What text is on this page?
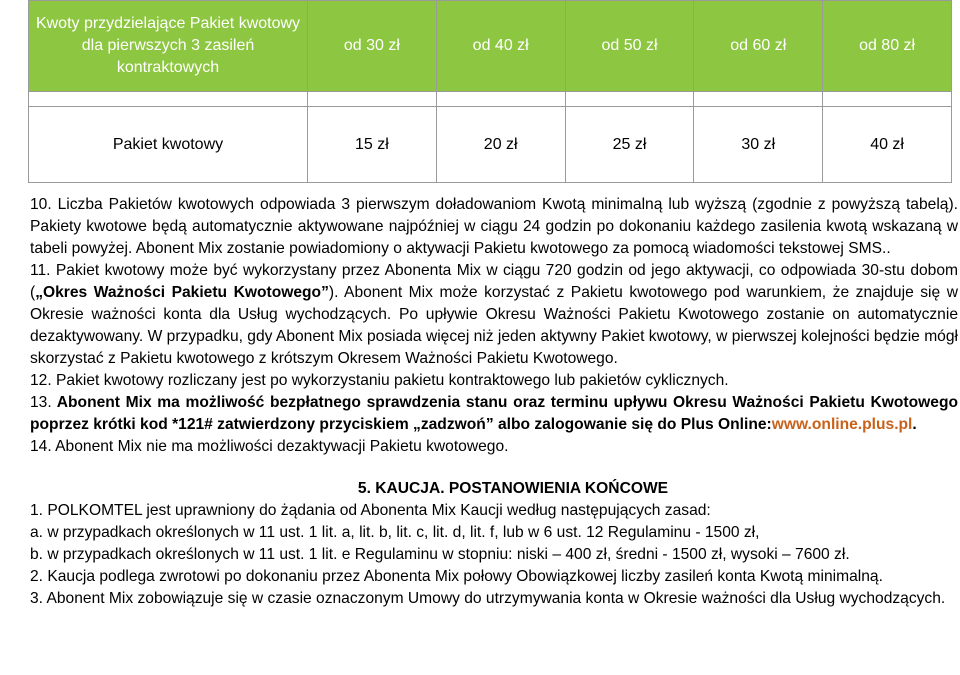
Kwoty przydzielające Pakiet kwotowy dla pierwszych 3 zasileń kontraktowych	od 30 zł	od 40 zł	od 50 zł	od 60 zł	od 80 zł

Pakiet kwotowy	15 zł	20 zł	25 zł	30 zł	40 zł

10. Liczba Pakietów kwotowych odpowiada 3 pierwszym doładowaniom Kwotą minimalną lub wyższą (zgodnie z powyższą tabelą). Pakiety kwotowe będą automatycznie aktywowane najpóźniej w ciągu 24 godzin po dokonaniu każdego zasilenia kwotą wskazaną w tabeli powyżej. Abonent Mix zostanie powiadomiony o aktywacji Pakietu kwotowego za pomocą wiadomości tekstowej SMS..

11. Pakiet kwotowy może być wykorzystany przez Abonenta Mix w ciągu 720 godzin od jego aktywacji, co odpowiada 30-stu dobom („Okres Ważności Pakietu Kwotowego”). Abonent Mix może korzystać z Pakietu kwotowego pod warunkiem, że znajduje się w Okresie ważności konta dla Usług wychodzących. Po upływie Okresu Ważności Pakietu Kwotowego zostanie on automatycznie dezaktywowany. W przypadku, gdy Abonent Mix posiada więcej niż jeden aktywny Pakiet kwotowy, w pierwszej kolejności będzie mógł skorzystać z Pakietu kwotowego z krótszym Okresem Ważności Pakietu Kwotowego.

12. Pakiet kwotowy rozliczany jest po wykorzystaniu pakietu kontraktowego lub pakietów cyklicznych.

13. Abonent Mix ma możliwość bezpłatnego sprawdzenia stanu oraz terminu upływu Okresu Ważności Pakietu Kwotowego poprzez krótki kod *121# zatwierdzony przyciskiem „zadzwoń” albo zalogowanie się do Plus Online:www.online.plus.pl.

14. Abonent Mix nie ma możliwości dezaktywacji Pakietu kwotowego.

5. KAUCJA. POSTANOWIENIA KOŃCOWE

1. POLKOMTEL jest uprawniony do żądania od Abonenta Mix Kaucji według następujących zasad:

a. w przypadkach określonych w 11 ust. 1 lit. a, lit. b, lit. c, lit. d, lit. f, lub w 6 ust. 12 Regulaminu - 1500 zł,

b. w przypadkach określonych w 11 ust. 1 lit. e Regulaminu w stopniu: niski – 400 zł, średni - 1500 zł, wysoki – 7600 zł.

2. Kaucja podlega zwrotowi po dokonaniu przez Abonenta Mix połowy Obowiązkowej liczby zasileń konta Kwotą minimalną.

3. Abonent Mix zobowiązuje się w czasie oznaczonym Umowy do utrzymywania konta w Okresie ważności dla Usług wychodzących.
